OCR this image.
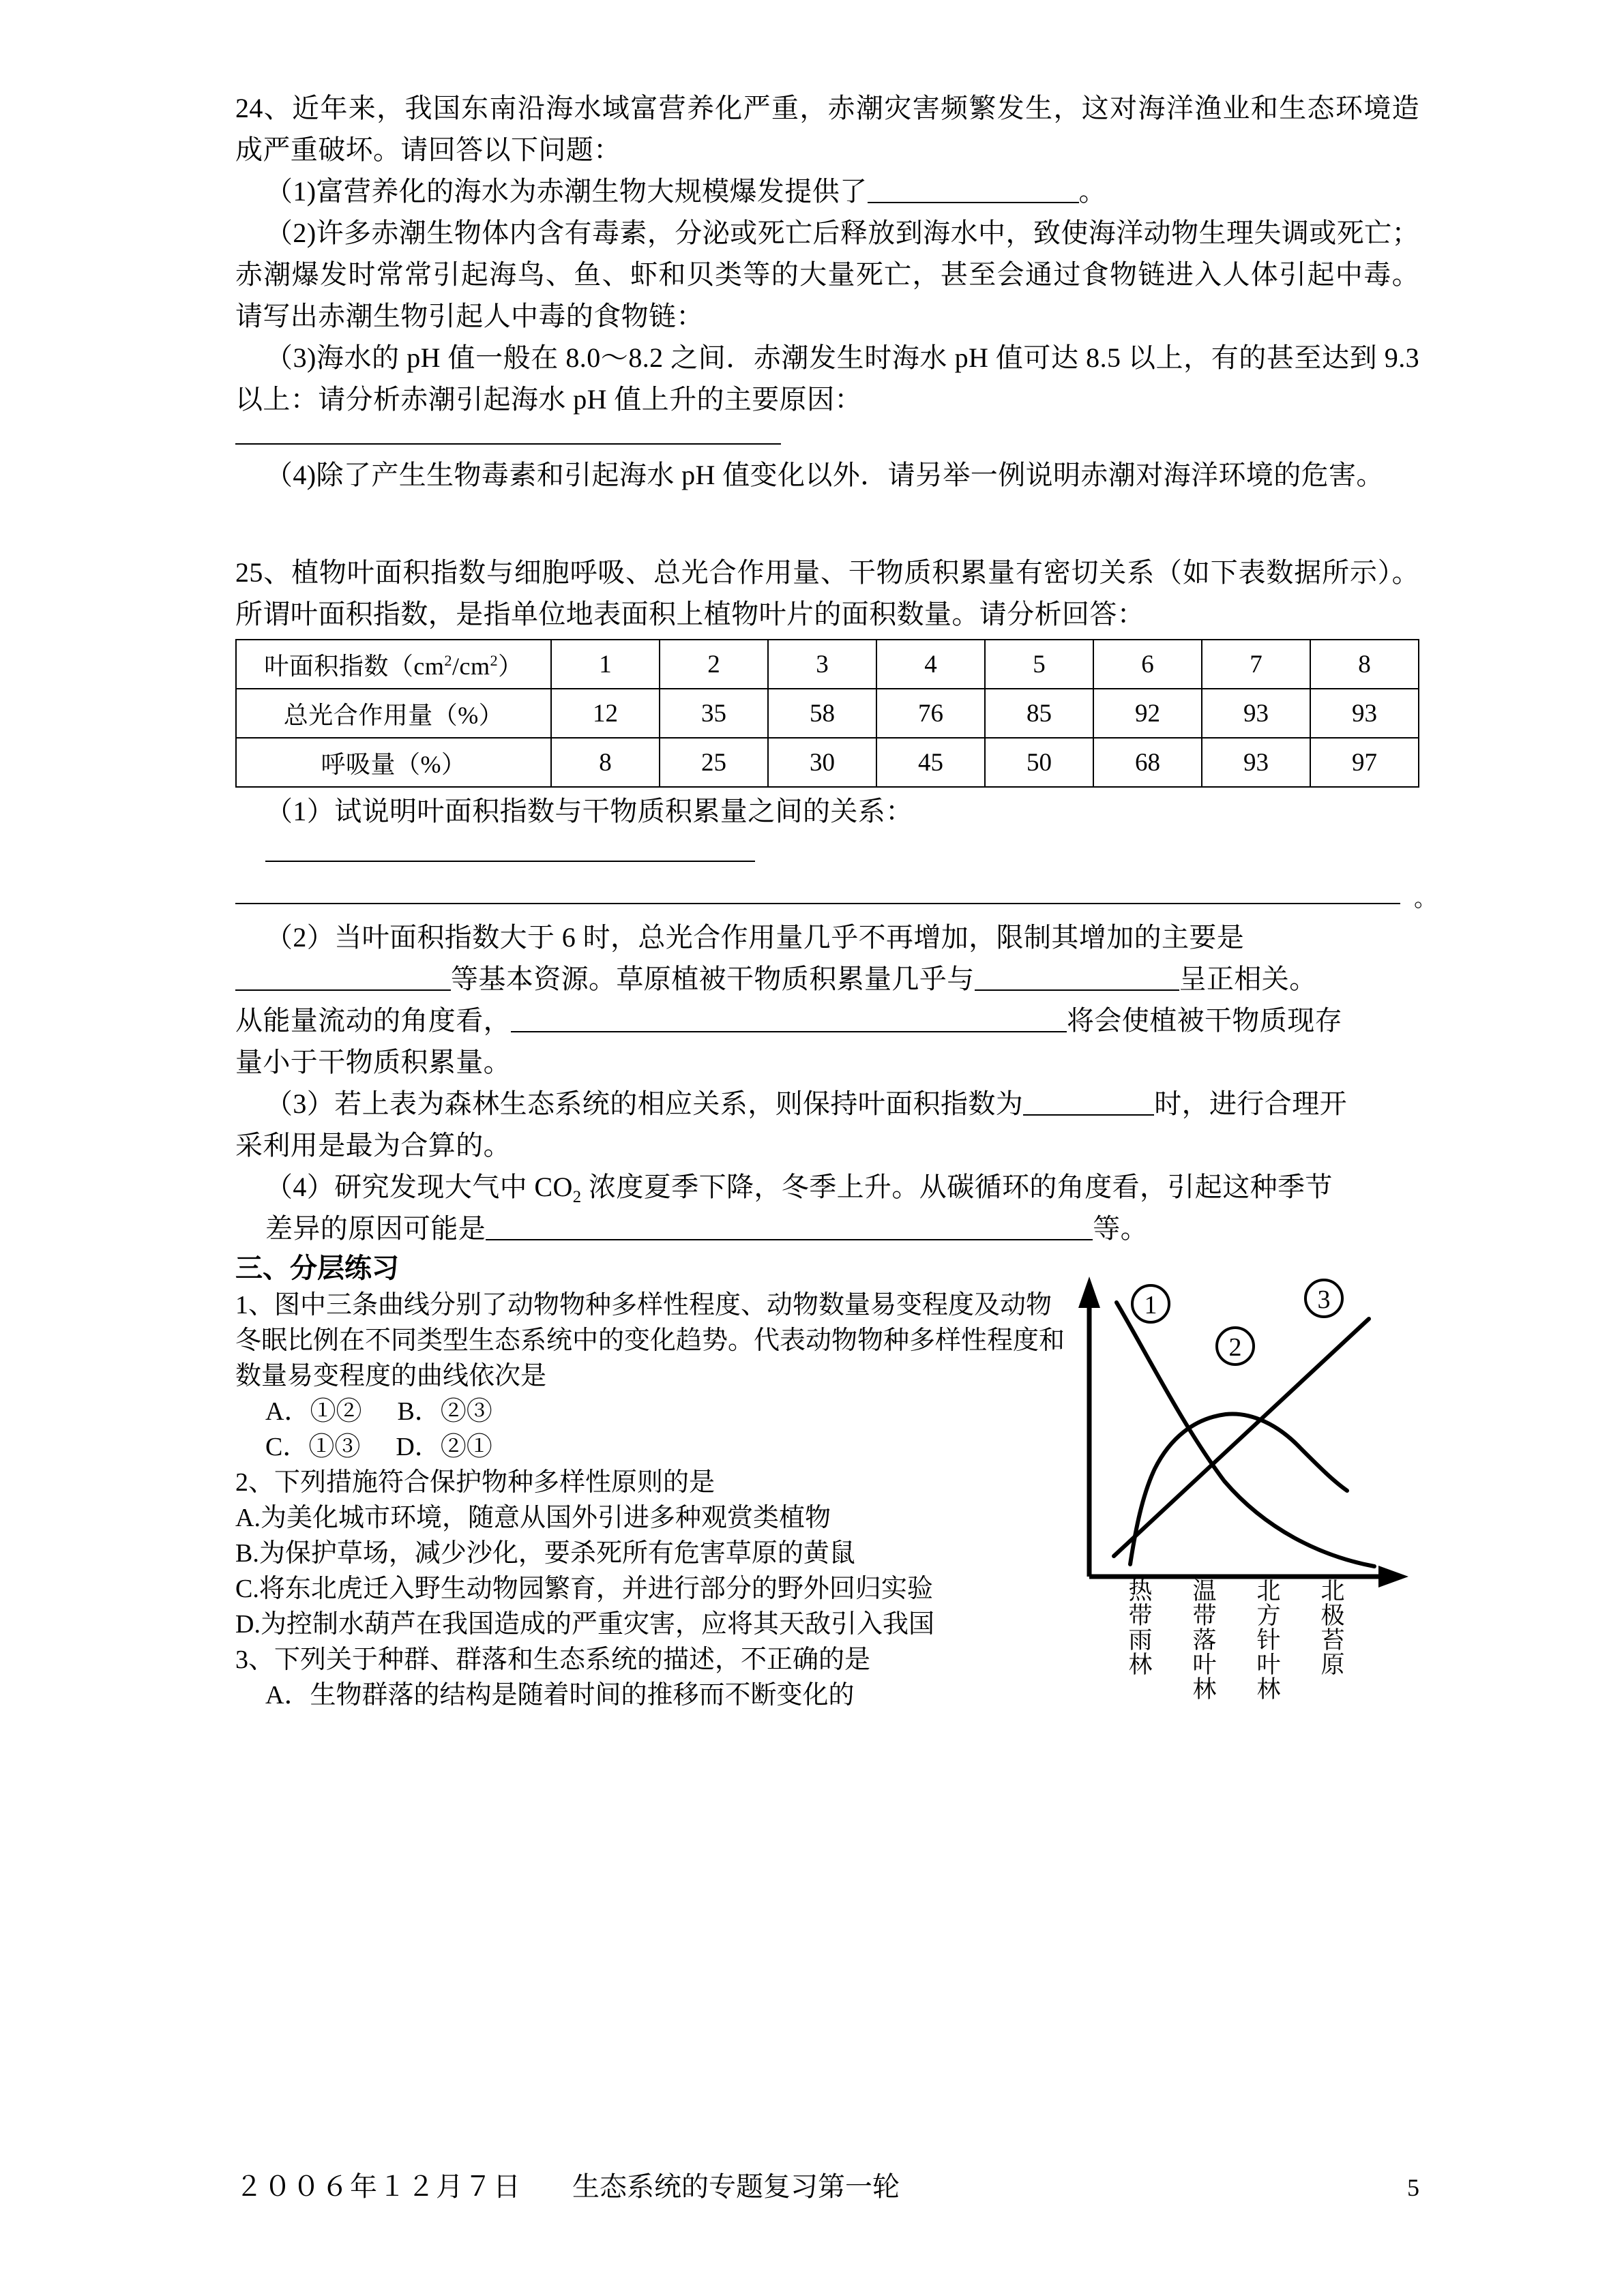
24、近年来，我国东南沿海水域富营养化严重，赤潮灾害频繁发生，这对海洋渔业和生态环境造成严重破坏。请回答以下问题：

（1)富营养化的海水为赤潮生物大规模爆发提供了	。

（2)许多赤潮生物体内含有毒素，分泌或死亡后释放到海水中，致使海洋动物生理失调或死亡；赤潮爆发时常常引起海鸟、鱼、虾和贝类等的大量死亡，甚至会通过食物链进入人体引起中毒。请写出赤潮生物引起人中毒的食物链：

（3)海水的 pH 值一般在 8.0～8.2 之间．赤潮发生时海水 pH 值可达 8.5 以上，有的甚至达到 9.3 以上：请分析赤潮引起海水 pH 值上升的主要原因：

（4)除了产生生物毒素和引起海水 pH 值变化以外．请另举一例说明赤潮对海洋环境的危害。

25、植物叶面积指数与细胞呼吸、总光合作用量、干物质积累量有密切关系（如下表数据所示）。所谓叶面积指数，是指单位地表面积上植物叶片的面积数量。请分析回答：

叶面积指数$(cm^2/cm^2)$	1	2	3	4	5	6	7	8
总光合作用量（%）	12	35	58	76	85	92	93	93
呼吸量（%）	8	25	30	45	50	68	93	97

（1）试说明叶面积指数与干物质积累量之间的关系：

。

（2）当叶面积指数大于 6 时，总光合作用量几乎不再增加，限制其增加的主要是

等基本资源。草原植被干物质积累量几乎与	呈正相关。

从能量流动的角度看，	将会使植被干物质现存

量小于干物质积累量。

（3）若上表为森林生态系统的相应关系，则保持叶面积指数为	时，进行合理开

采利用是最为合算的。

（4）研究发现大气中 $CO_2$ 浓度夏季下降，冬季上升。从碳循环的角度看，引起这种季节

差异的原因可能是	等。

三、分层练习

1、图中三条曲线分别了动物物种多样性程度、动物数量易变程度及动物

冬眠比例在不同类型生态系统中的变化趋势。代表动物物种多样性程度和

数量易变程度的曲线依次是

A．①② B．②③

C．①③ D．②①

2、下列措施符合保护物种多样性原则的是

A.为美化城市环境，随意从国外引进多种观赏类植物

B.为保护草场，减少沙化，要杀死所有危害草原的黄鼠

C.将东北虎迁入野生动物园繁育，并进行部分的野外回归实验

D.为控制水葫芦在我国造成的严重灾害，应将其天敌引入我国

3、下列关于种群、群落和生态系统的描述，不正确的是

A．生物群落的结构是随着时间的推移而不断变化的

1
2
3
热带雨林	温带落叶林	北方针叶林	北极苔原
２００６年１２月７日 生态系统的专题复习第一轮	5
